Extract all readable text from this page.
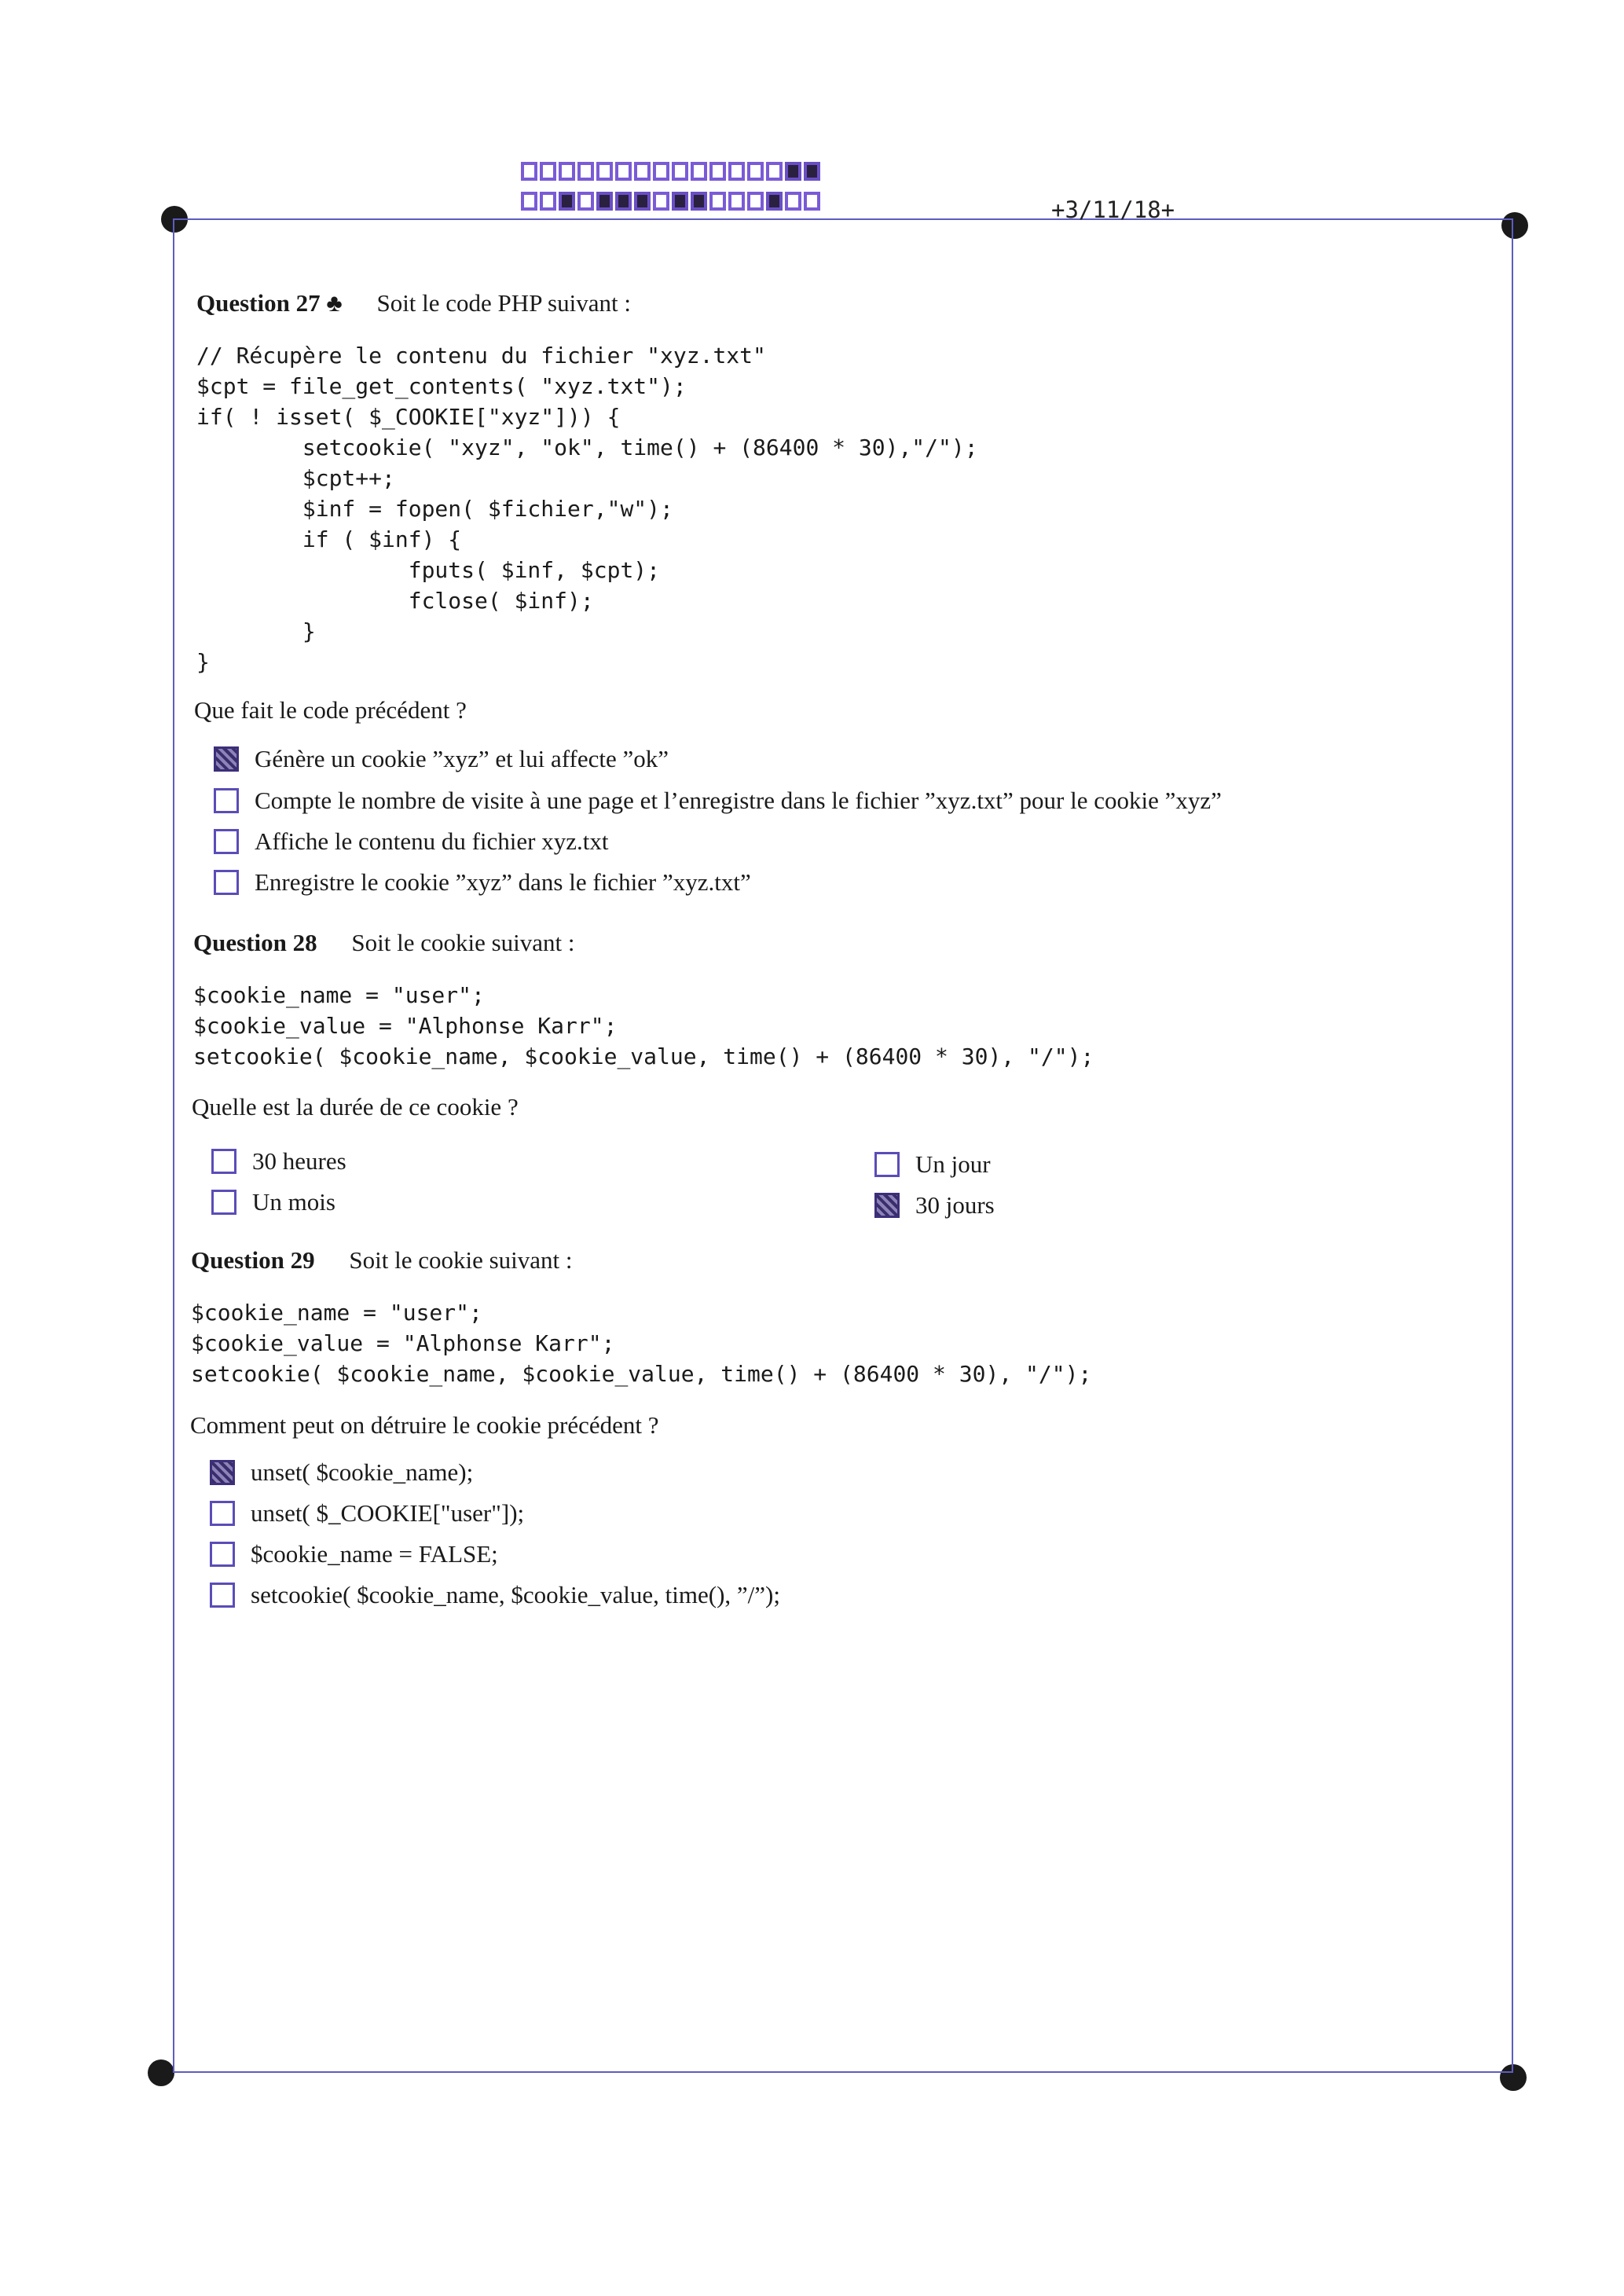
+3/11/18+
Question 27 ♣ Soit le code PHP suivant :
// Récupère le contenu du fichier "xyz.txt"
$cpt = file_get_contents( "xyz.txt");
if( ! isset( $_COOKIE["xyz"])) {
setcookie( "xyz", "ok", time() + (86400 * 30),"/");
$cpt++;
$inf = fopen( $fichier,"w");
if ( $inf) {
fputs( $inf, $cpt);
fclose( $inf);
}
}
Que fait le code précédent ?
Génère un cookie ”xyz” et lui affecte ”ok”
Compte le nombre de visite à une page et l’enregistre dans le fichier ”xyz.txt” pour le cookie ”xyz”
Affiche le contenu du fichier xyz.txt
Enregistre le cookie ”xyz” dans le fichier ”xyz.txt”
Question 28 Soit le cookie suivant :
$cookie_name = "user";
$cookie_value = "Alphonse Karr";
setcookie( $cookie_name, $cookie_value, time() + (86400 * 30), "/");
Quelle est la durée de ce cookie ?
30 heures
Un mois
Un jour
30 jours
Question 29 Soit le cookie suivant :
$cookie_name = "user";
$cookie_value = "Alphonse Karr";
setcookie( $cookie_name, $cookie_value, time() + (86400 * 30), "/");
Comment peut on détruire le cookie précédent ?
unset( $cookie_name);
unset( $_COOKIE["user"]);
$cookie_name = FALSE;
setcookie( $cookie_name, $cookie_value, time(), ”/”);
